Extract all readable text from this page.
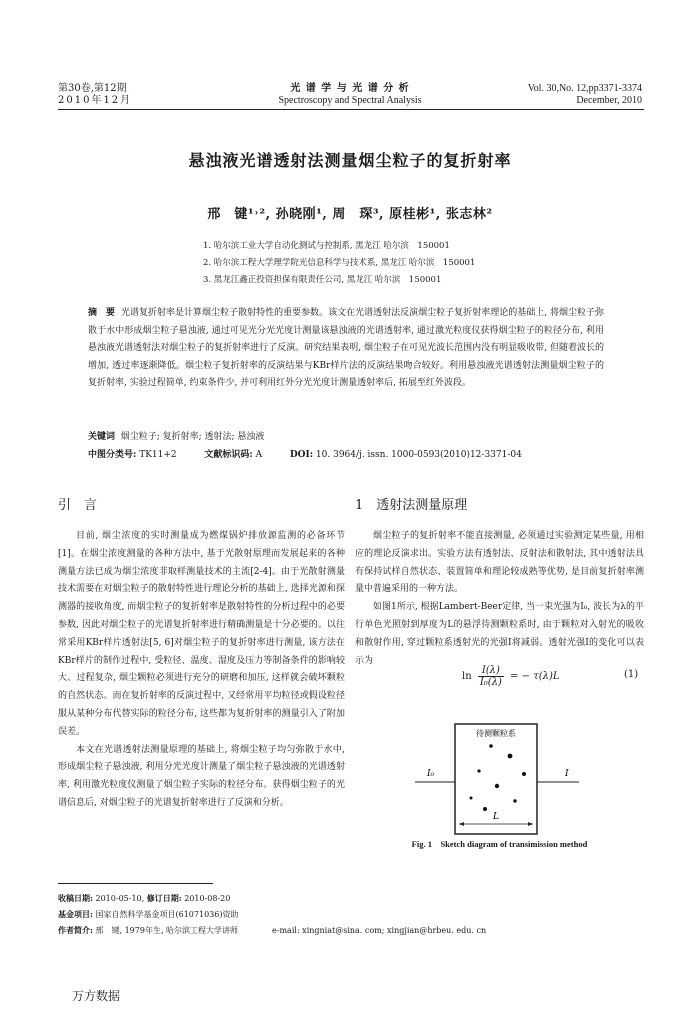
第30卷,第12期
2010年12月
光 谱 学 与 光 谱 分 析
Spectroscopy and Spectral Analysis
Vol. 30,No. 12,pp3371-3374
December, 2010
悬浊液光谱透射法测量烟尘粒子的复折射率
邢　键¹˒², 孙晓刚¹, 周　琛³, 原桂彬¹, 张志林²
1. 哈尔滨工业大学自动化测试与控制系, 黑龙江 哈尔滨　150001
2. 哈尔滨工程大学理学院光信息科学与技术系, 黑龙江 哈尔滨　150001
3. 黑龙江鑫正投资担保有限责任公司, 黑龙江 哈尔滨　150001
摘　要 光谱复折射率是计算烟尘粒子散射特性的重要参数。该文在光谱透射法反演烟尘粒子复折射率理论的基础上, 将烟尘粒子弥散于水中形成烟尘粒子悬浊液, 通过可见光分光光度计测量该悬浊液的光谱透射率, 通过激光粒度仪获得烟尘粒子的粒径分布, 利用悬浊液光谱透射法对烟尘粒子的复折射率进行了反演。研究结果表明, 烟尘粒子在可见光波长范围内没有明显吸收带, 但随着波长的增加, 透过率逐渐降低。烟尘粒子复折射率的反演结果与KBr样片法的反演结果吻合较好。利用悬浊液光谱透射法测量烟尘粒子的复折射率, 实验过程简单, 约束条件少, 并可利用红外分光光度计测量透射率后, 拓展至红外波段。
关键词 烟尘粒子; 复折射率; 透射法; 悬浊液
中图分类号: TK11+2	文献标识码: A	DOI: 10. 3964/j. issn. 1000-0593(2010)12-3371-04
引　言	1　透射法测量原理

目前, 烟尘浓度的实时测量成为燃煤锅炉排放源监测的必备环节[1]。在烟尘浓度测量的各种方法中, 基于光散射原理而发展起来的各种测量方法已成为烟尘浓度非取样测量技术的主流[2-4]。由于光散射测量技术需要在对烟尘粒子的散射特性进行理论分析的基础上, 选择光源和探测器的接收角度, 而烟尘粒子的复折射率是散射特性的分析过程中的必要参数, 因此对烟尘粒子的光谱复折射率进行精确测量是十分必要的。以往常采用KBr样片透射法[5, 6]对烟尘粒子的复折射率进行测量, 该方法在KBr样片的制作过程中, 受粒径、温度、湿度及压力等制备条件的影响较大、过程复杂, 烟尘颗粒必须进行充分的研磨和加压, 这样就会破坏颗粒的自然状态。而在复折射率的反演过程中, 又经常用平均粒径或假设粒径服从某种分布代替实际的粒径分布, 这些都为复折射率的测量引入了附加误差。

本文在光谱透射法测量原理的基础上, 将烟尘粒子均匀弥散于水中, 形成烟尘粒子悬浊液, 利用分光光度计测量了烟尘粒子悬浊液的光谱透射率, 利用激光粒度仪测量了烟尘粒子实际的粒径分布。获得烟尘粒子的光谱信息后, 对烟尘粒子的光谱复折射率进行了反演和分析。

烟尘粒子的复折射率不能直接测量, 必须通过实验测定某些量, 用相应的理论反演求出。实验方法有透射法、反射法和散射法, 其中透射法具有保持试样自然状态、装置简单和理论较成熟等优势, 是目前复折射率测量中普遍采用的一种方法。

如图1所示, 根据Lambert-Beer定律, 当一束光强为I₀, 波长为λ的平行单色光照射到厚度为L的悬浮待测颗粒系时, 由于颗粒对入射光的吸收和散射作用, 穿过颗粒系透射光的光强I将减弱。透射光强I的变化可以表示为

$\ln \frac{I(\lambda)}{\text{I₀(λ)}}$ = − τ(λ)L	(1)
待测颗粒系
I₀	I
L
Fig. 1　Sketch diagram of transimission method
收稿日期: 2010-05-10, 修订日期: 2010-08-20
基金项目: 国家自然科学基金项目(61071036)资助
作者简介: 邢　键, 1979年生, 哈尔滨工程大学讲师	e-mail: xingniat@sina. com; xingjian@hrbeu. edu. cn
万方数据
